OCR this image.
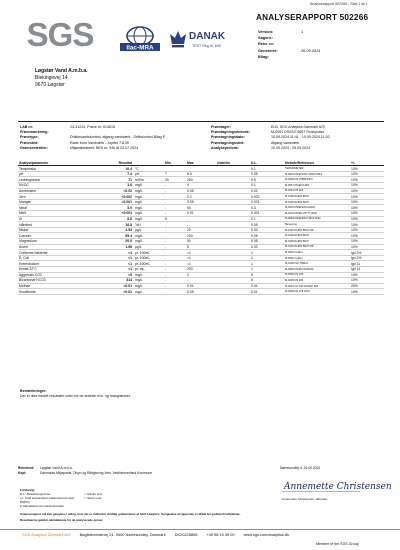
Analyserapport 502266 - Side 1 af 1
SGS	ilac-MRA
DANAK
TEST Reg.nr. 605
ANALYSERAPPORT 502266
Version:	1
Sagsnr.:
Rekv. nr:
Genereret:	26.09.2024
Bilag:
Løgstør Vand A.m.b.a.
Blekingevej 14
9670 Løgstør
LAB nr:	24-31243, Prøve nr: 614615
Prøvemærkning:
Prøvetype:	Drikkevandskontrol, afgang vandværk - Driftskontrol Bilag E
Prøvested:	Rade Kors Vandværk - Jupiter 71139
Grænseværdier:	Miljøministeriet, BEK nr. 940 af 22.07.2024
Prøvetager:	ELB, SGS Analytics Danmark A/S
Prøvetagningsmetode:	M-0061 DS/ISO 5667 Flushprøve
Prøvetagningsdato:	10.09.2024 11:41 - 10.09.2024 11:52
Prøvetagningssted:	Afgang vandværk
Analyseperiode:	10.09.2024 - 26.09.2024
Analyseparameter	Resultat		Min	Max	Udenfor	D.L.	Metode/Reference	+/-
Temperatur	10.4	°C				0.1	TERMOMETER	10%
pH	7.4	pH	7	8.5		0.05	M-0015 DS/EN/ISO 10523:2012	10%
Ledningsevne	71	mS/m	30	250		0.5	M-0006 DS 27888:2003	10%
NVOC	1.6	mg/L	-	4		0.1	M-0067 DS/EN 1484	10%
Ammonium	<0.02	mg/L	-	0.05		0.02	M-0014 DS 224	10%
Jern	<0.002	mg/L	-	0.2		0.002	M-0139 Reft60 BICP	10%
Mangan	<0.001	mg/L	-	0.05		0.001	M-0139 Reft60 BICP	10%
Nitrat	5.0	mg/L	-	50		0.3	M-0016 DS/EN/ISO10304	10%
Nitrit	<0.001	mg/L	-	0.01		0.001	M-0010 DS/EN 26777:2002	10%
Ilt	8.8	mg/L	5	-		0.1	M-0084 DS/EN/ISO 5814:2012	10%
Hårdhed	16.8	°dH	-	-		0.05	Beregning	10%
Nikkel	4.93	µg/L	-	20		0.03	M-0140 Reft60 BICP MS	10%
Calcium	85.4	mg/L	-	200		0.05	M-0139 Reft60 BICP	10%
Magnesium	20.9	mg/L	-	50		0.05	M-0139 Reft60 BICP	10%
Arsen	1.96	µg/L	-	5		0.03	M-0140 Reft60 BICP MS	10%
Coliforme bakterier	<1	pr. 100mL	-	<1		1	M-0032 Colilert	lgd 2%
E. Coli	<1	pr. 100mL	-	<1		1	M-0032 Colilert	lgd 2%
Enterokokker	<1	pr. 100mL	-	<1		1	M-0139 ISO 7899-2	lgd 11
Kimtal 22°C	<1	pr. mL	-	200		1	M-0056 DS/EN ISO6222	lgd 14
Aggressiv CO2	<5	mg/L	-	2		5	M-0066 DS 236	10%
Bicarbonat HCO3	314	mg/L	-	-		5	M-0005 DS 236	10%
Methan	<0.01	mg/L	-	0.01		0.01	M-0022 GC-FID DANAK 381	20%
Svovlbrinte	<0.01	mg/L	-	0.05		0.01	M-0006 DS 278 1976	10%
Bemærkninger:
Der er ikke fundet resultater uden for de anførte min- og maxgrænser.
Rekvirent:	Løgstør Vand A.m.b.a.
Kopi:	Danmarks Miljøportal, Tilsyn og Rådgivning Vest, Vesthimmerland Kommune
Nørresundby d. 26.09.2024
Annemette Christensen
Annemette Christensen, laborant
Forklaring:
D.L.: Detektionsgrænse	<: Mindre end
+/-: Total ekspanderet usikkerhed (2s total RSD%)
>: Større end
#: Akkrediteret af underleverandør
Analyserapport må kun gengives i udtog, hvis der er indhentet skriftlig godkendelse af SGS Analytics. Gengivelse af rapporten er tilladt før godkendt udfyldelse.
Resultaterne gælder udelukkende for de analyserede prøver.
SGS Analytics Danmark A/S Bøgildsmindevej 21, 9400 Nørresundby, Danmark DK20228806 +45 98 19 39 00 www.sgs.com/analytics-dk
Member of the SGS Group
